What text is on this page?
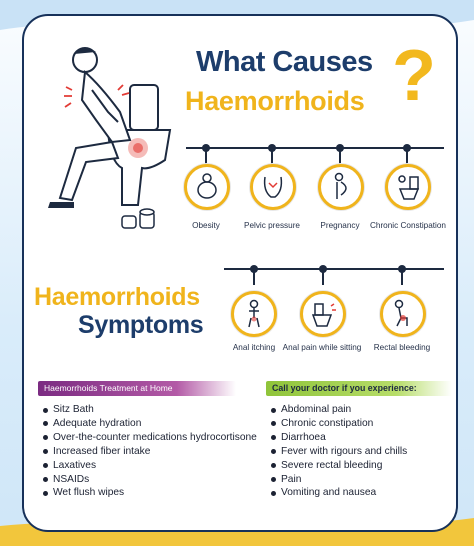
What Causes
Haemorrhoids ?
Obesity	Pelvic pressure	Pregnancy	Chronic Constipation
Haemorrhoids
Symptoms
Anal itching Anal pain while sitting	Rectal bleeding
Haemorrhoids Treatment at Home
Sitz Bath
Adequate hydration
Over-the-counter medications hydrocortisone
Increased fiber intake
Laxatives
NSAIDs
Wet flush wipes
Call your doctor if you experience:
Abdominal pain
Chronic constipation
Diarrhoea
Fever with rigours and chills
Severe rectal bleeding
Pain
Vomiting and nausea
